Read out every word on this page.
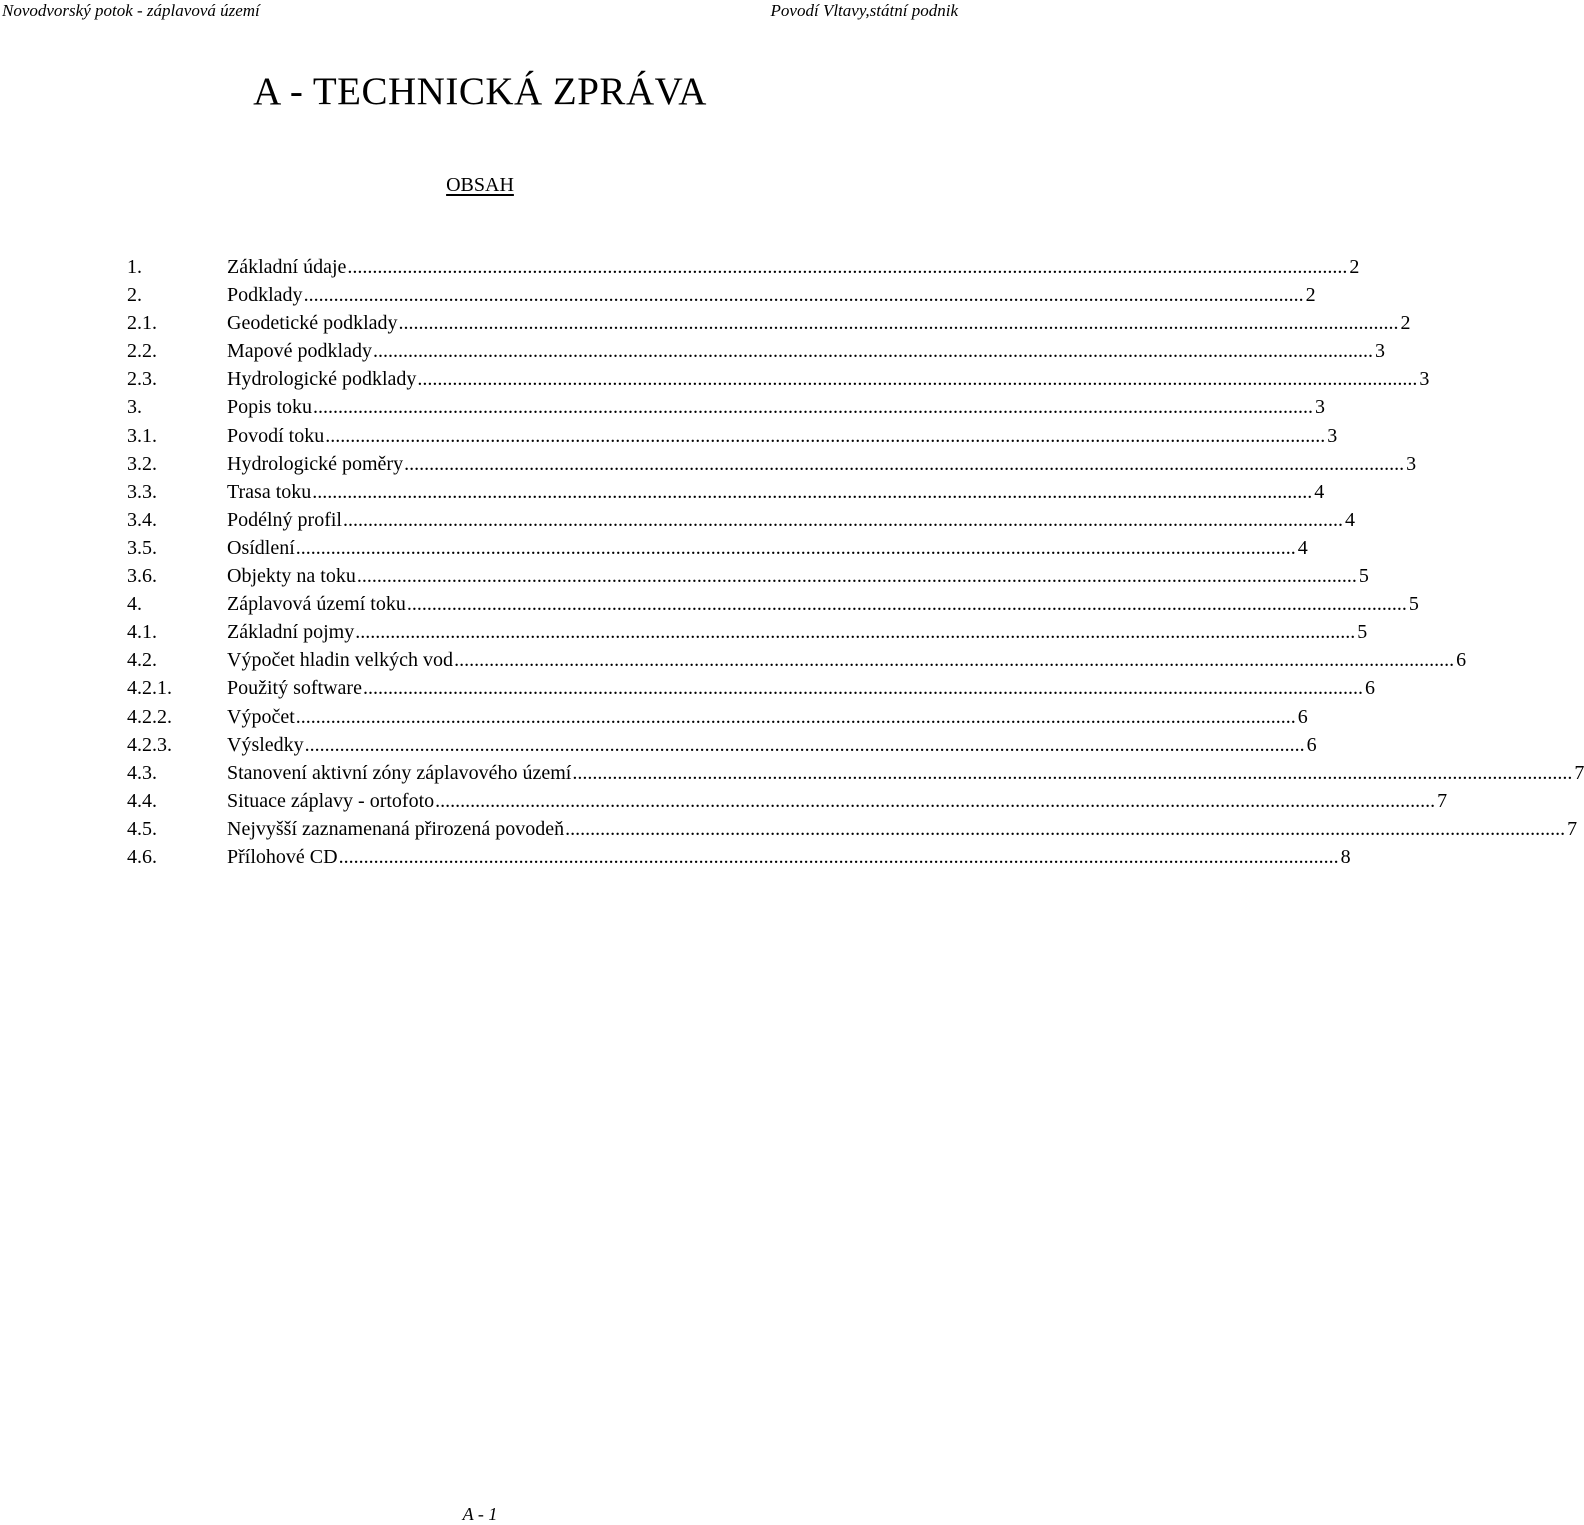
Novodvorský potok - záplavová území	Povodí Vltavy,státní podnik
A - TECHNICKÁ ZPRÁVA
OBSAH
1.	Základní údaje ........................................................................................................................................................................................................ 2
2.	Podklady ........................................................................................................................................................................................................ 2
2.1.	Geodetické podklady ........................................................................................................................................................................................................ 2
2.2.	Mapové podklady ........................................................................................................................................................................................................ 3
2.3.	Hydrologické podklady ........................................................................................................................................................................................................ 3
3.	Popis toku ........................................................................................................................................................................................................ 3
3.1.	Povodí toku ........................................................................................................................................................................................................ 3
3.2.	Hydrologické poměry ........................................................................................................................................................................................................ 3
3.3.	Trasa toku ........................................................................................................................................................................................................ 4
3.4.	Podélný profil ........................................................................................................................................................................................................ 4
3.5.	Osídlení ........................................................................................................................................................................................................ 4
3.6.	Objekty na toku ........................................................................................................................................................................................................ 5
4.	Záplavová území toku ........................................................................................................................................................................................................ 5
4.1.	Základní pojmy ........................................................................................................................................................................................................ 5
4.2.	Výpočet hladin velkých vod ........................................................................................................................................................................................................ 6
4.2.1.	Použitý software ........................................................................................................................................................................................................ 6
4.2.2.	Výpočet ........................................................................................................................................................................................................ 6
4.2.3.	Výsledky ........................................................................................................................................................................................................ 6
4.3.	Stanovení aktivní zóny záplavového území ........................................................................................................................................................................................................ 7
4.4.	Situace záplavy - ortofoto ........................................................................................................................................................................................................ 7
4.5.	Nejvyšší zaznamenaná přirozená povodeň ........................................................................................................................................................................................................ 7
4.6.	Přílohové CD ........................................................................................................................................................................................................ 8
A - 1
